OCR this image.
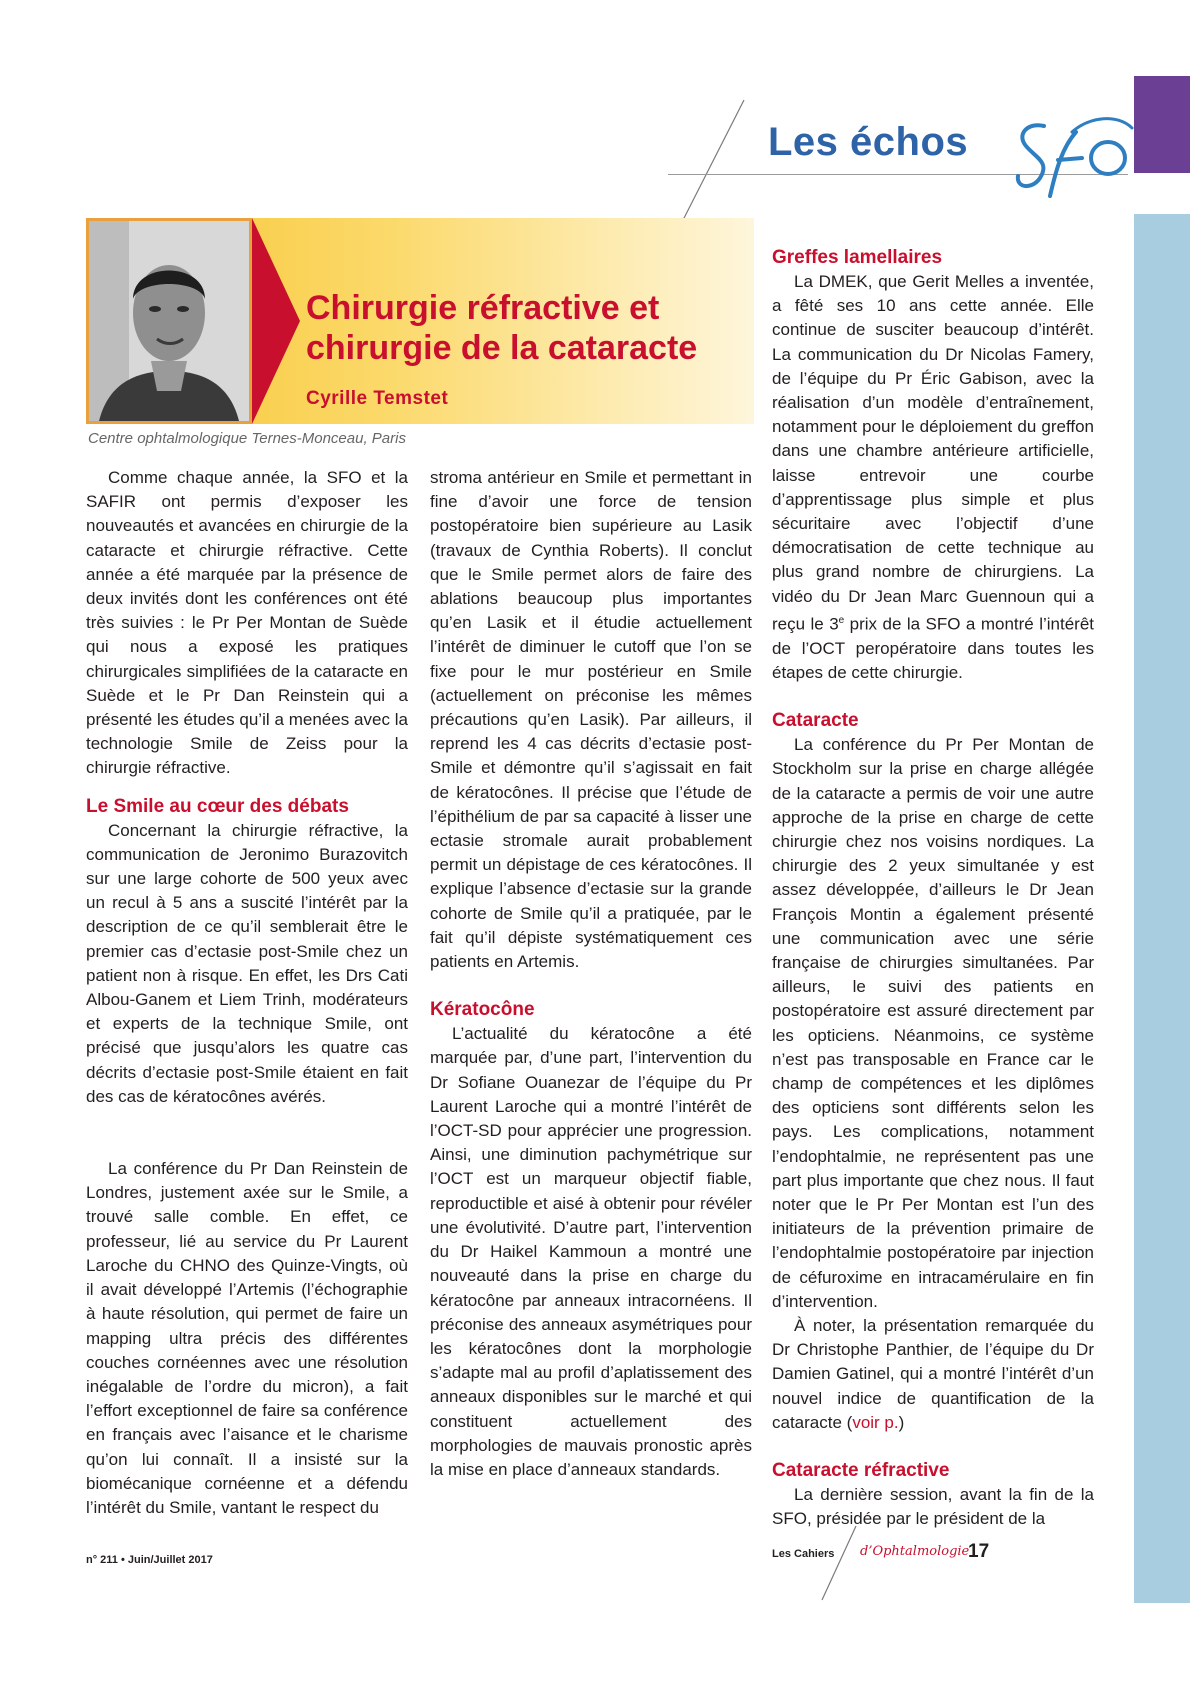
Les échos
Chirurgie réfractive et chirurgie de la cataracte
Cyrille Temstet
Centre ophtalmologique Ternes-Monceau, Paris

Comme chaque année, la SFO et la SAFIR ont permis d’exposer les nouveautés et avancées en chirurgie de la cataracte et chirurgie réfractive. Cette année a été marquée par la présence de deux invités dont les conférences ont été très suivies : le Pr Per Montan de Suède qui nous a exposé les pratiques chirurgicales simplifiées de la cataracte en Suède et le Pr Dan Reinstein qui a présenté les études qu’il a menées avec la technologie Smile de Zeiss pour la chirurgie réfractive.

Le Smile au cœur des débats

Concernant la chirurgie réfractive, la communication de Jeronimo Burazovitch sur une large cohorte de 500 yeux avec un recul à 5 ans a suscité l’intérêt par la description de ce qu’il semblerait être le premier cas d’ectasie post-Smile chez un patient non à risque. En effet, les Drs Cati Albou-Ganem et Liem Trinh, modérateurs et experts de la technique Smile, ont précisé que jusqu’alors les quatre cas décrits d’ectasie post-Smile étaient en fait des cas de kératocônes avérés.

La conférence du Pr Dan Reinstein de Londres, justement axée sur le Smile, a trouvé salle comble. En effet, ce professeur, lié au service du Pr Laurent Laroche du CHNO des Quinze-Vingts, où il avait développé l’Artemis (l’échographie à haute résolution, qui permet de faire un mapping ultra précis des différentes couches cornéennes avec une résolution inégalable de l’ordre du micron), a fait l’effort exceptionnel de faire sa conférence en français avec l’aisance et le charisme qu’on lui connaît. Il a insisté sur la biomécanique cornéenne et a défendu l’intérêt du Smile, vantant le respect du

stroma antérieur en Smile et permettant in fine d’avoir une force de tension postopératoire bien supérieure au Lasik (travaux de Cynthia Roberts). Il conclut que le Smile permet alors de faire des ablations beaucoup plus importantes qu’en Lasik et il étudie actuellement l’intérêt de diminuer le cutoff que l’on se fixe pour le mur postérieur en Smile (actuellement on préconise les mêmes précautions qu’en Lasik). Par ailleurs, il reprend les 4 cas décrits d’ectasie post-Smile et démontre qu’il s’agissait en fait de kératocônes. Il précise que l’étude de l’épithélium de par sa capacité à lisser une ectasie stromale aurait probablement permit un dépistage de ces kératocônes. Il explique l’absence d’ectasie sur la grande cohorte de Smile qu’il a pratiquée, par le fait qu’il dépiste systématiquement ces patients en Artemis.

Kératocône

L’actualité du kératocône a été marquée par, d’une part, l’intervention du Dr Sofiane Ouanezar de l’équipe du Pr Laurent Laroche qui a montré l’intérêt de l’OCT-SD pour apprécier une progression. Ainsi, une diminution pachymétrique sur l’OCT est un marqueur objectif fiable, reproductible et aisé à obtenir pour révéler une évolutivité. D’autre part, l’intervention du Dr Haikel Kammoun a montré une nouveauté dans la prise en charge du kératocône par anneaux intracornéens. Il préconise des anneaux asymétriques pour les kératocônes dont la morphologie s’adapte mal au profil d’aplatissement des anneaux disponibles sur le marché et qui constituent actuellement des morphologies de mauvais pronostic après la mise en place d’anneaux standards.

Greffes lamellaires

La DMEK, que Gerit Melles a inventée, a fêté ses 10 ans cette année. Elle continue de susciter beaucoup d’intérêt. La communication du Dr Nicolas Famery, de l’équipe du Pr Éric Gabison, avec la réalisation d’un modèle d’entraînement, notamment pour le déploiement du greffon dans une chambre antérieure artificielle, laisse entrevoir une courbe d’apprentissage plus simple et plus sécuritaire avec l’objectif d’une démocratisation de cette technique au plus grand nombre de chirurgiens. La vidéo du Dr Jean Marc Guennoun qui a reçu le 3e prix de la SFO a montré l’intérêt de l’OCT peropératoire dans toutes les étapes de cette chirurgie.

Cataracte

La conférence du Pr Per Montan de Stockholm sur la prise en charge allégée de la cataracte a permis de voir une autre approche de la prise en charge de cette chirurgie chez nos voisins nordiques. La chirurgie des 2 yeux simultanée y est assez développée, d’ailleurs le Dr Jean François Montin a également présenté une communication avec une série française de chirurgies simultanées. Par ailleurs, le suivi des patients en postopératoire est assuré directement par les opticiens. Néanmoins, ce système n’est pas transposable en France car le champ de compétences et les diplômes des opticiens sont différents selon les pays. Les complications, notamment l’endophtalmie, ne représentent pas une part plus importante que chez nous. Il faut noter que le Pr Per Montan est l’un des initiateurs de la prévention primaire de l’endophtalmie postopératoire par injection de céfuroxime en intracamérulaire en fin d’intervention.

À noter, la présentation remarquée du Dr Christophe Panthier, de l’équipe du Dr Damien Gatinel, qui a montré l’intérêt d’un nouvel indice de quantification de la cataracte (voir p.)

Cataracte réfractive

La dernière session, avant la fin de la SFO, présidée par le président de la

n° 211 • Juin/Juillet 2017	Les Cahiers d’Ophtalmologie
17
